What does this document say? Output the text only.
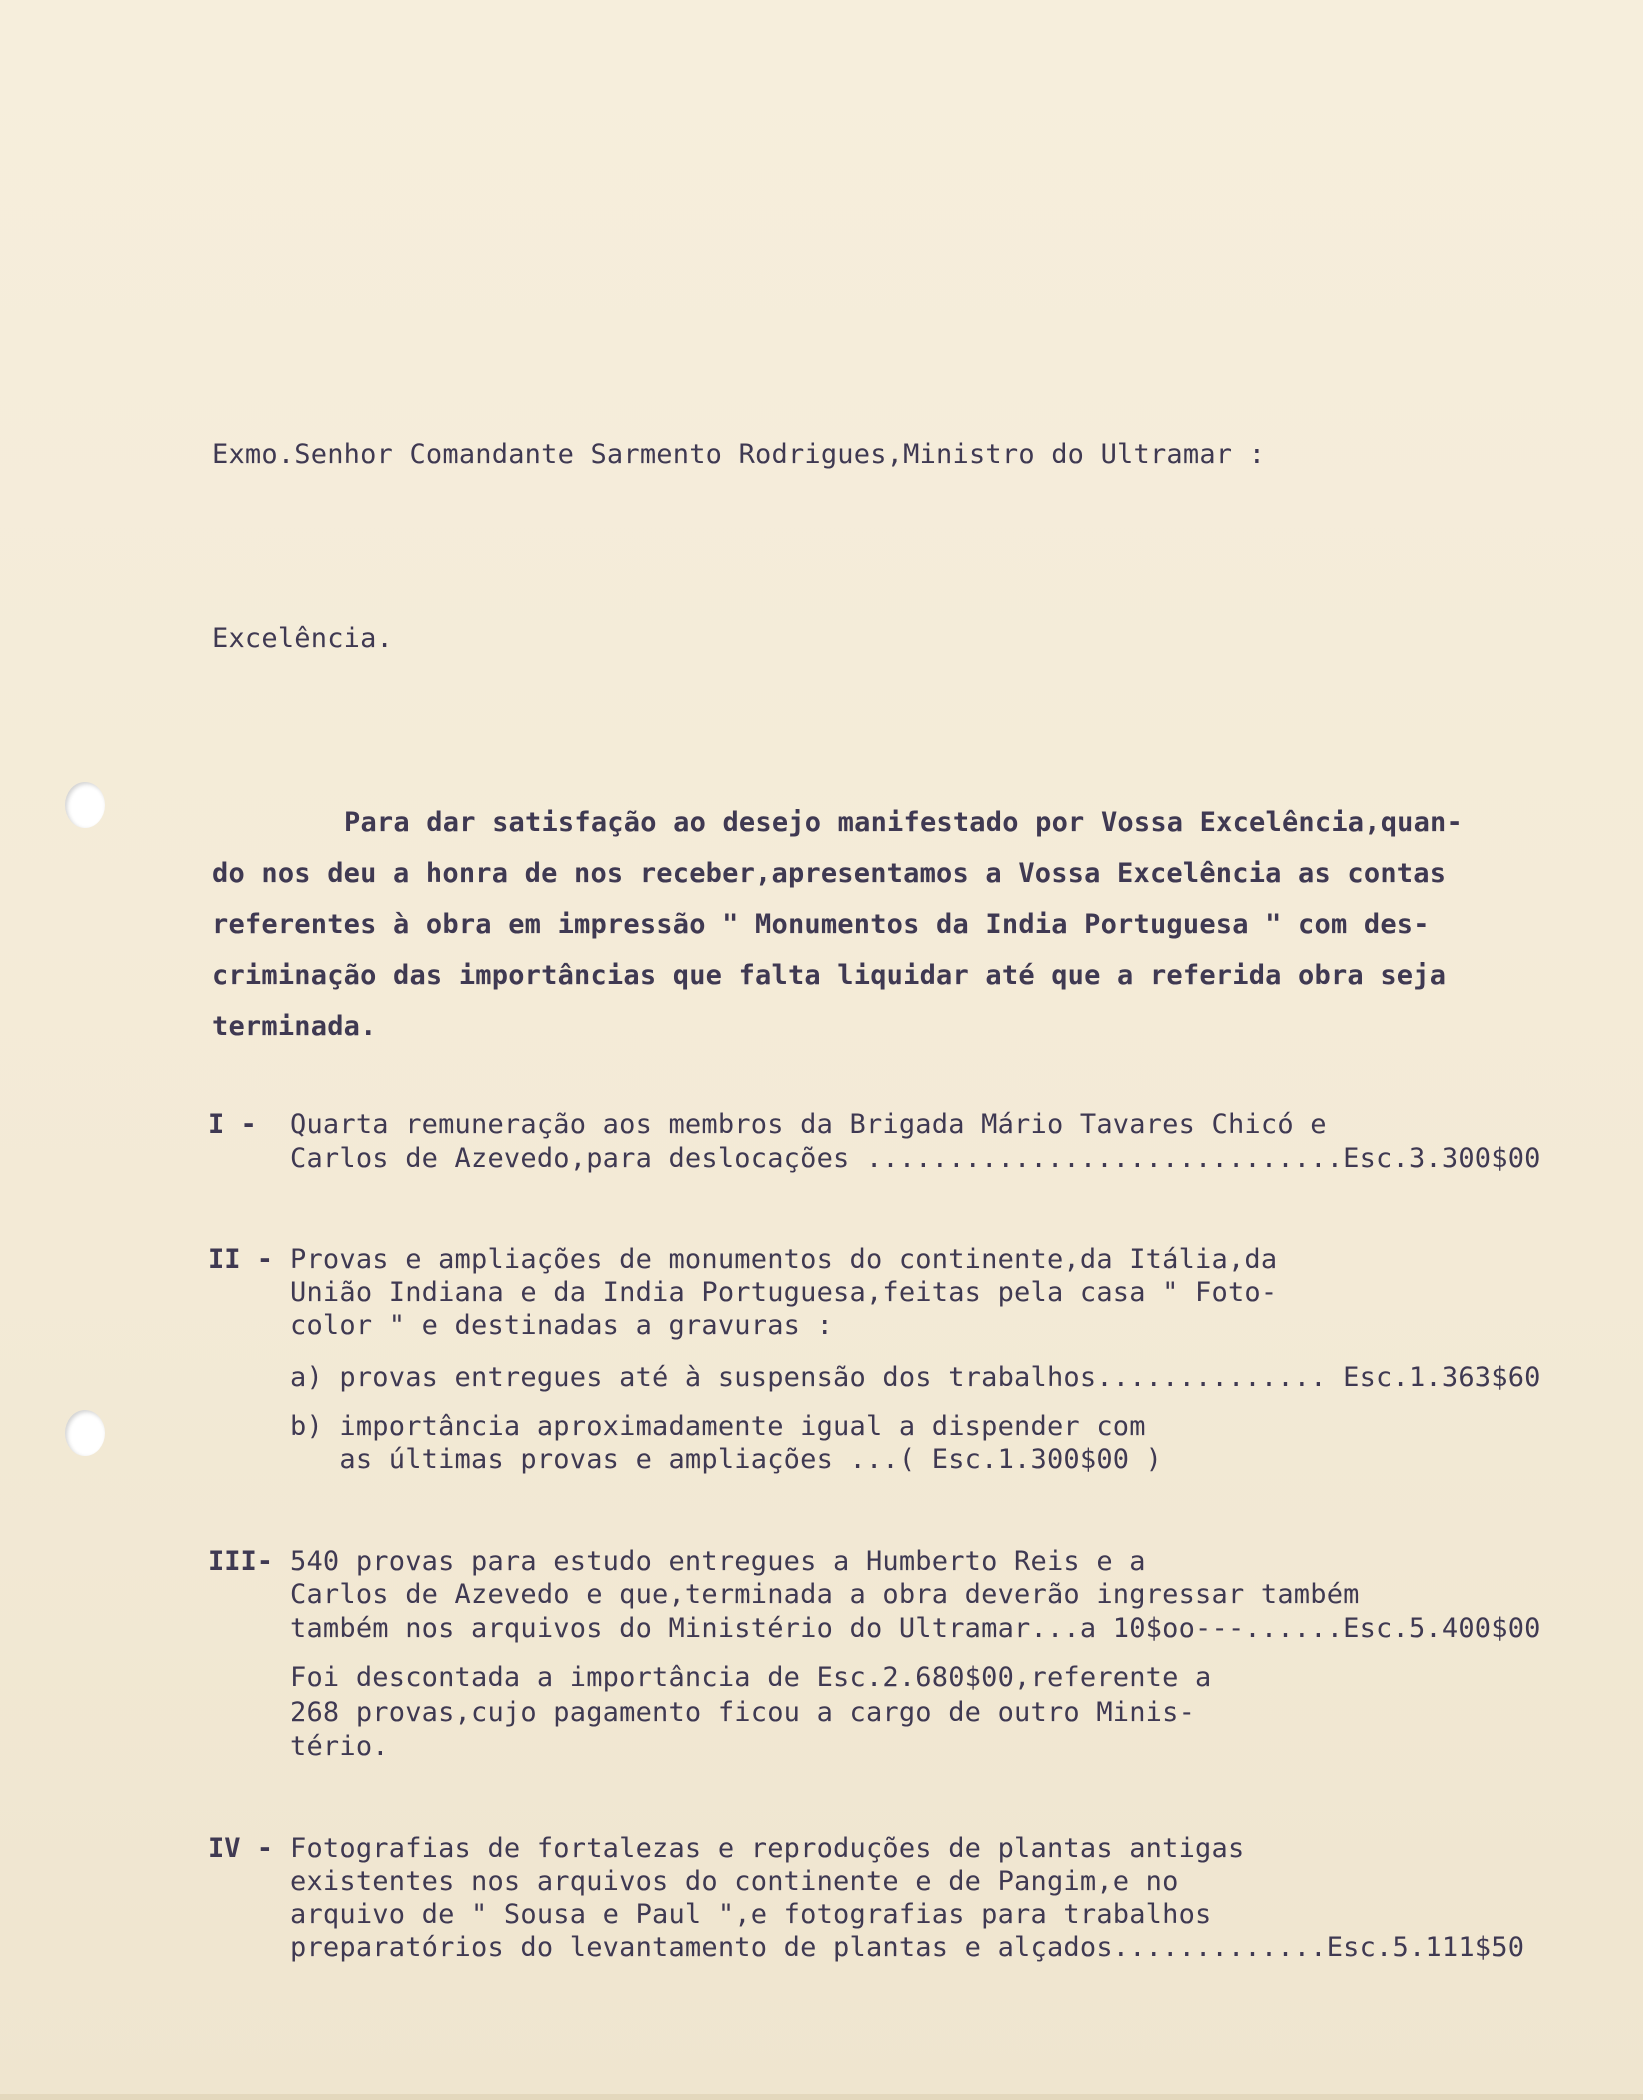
Exmo.Senhor Comandante Sarmento Rodrigues,Ministro do Ultramar :
Excelência.
Para dar satisfação ao desejo manifestado por Vossa Excelência,quan-
do nos deu a honra de nos receber,apresentamos a Vossa Excelência as contas
referentes à obra em impressão " Monumentos da India Portuguesa " com des-
criminação das importâncias que falta liquidar até que a referida obra seja
terminada.
I - Quarta remuneração aos membros da Brigada Mário Tavares Chicó e
Carlos de Azevedo,para deslocações .............................Esc.3.300$00
II - Provas e ampliações de monumentos do continente,da Itália,da
União Indiana e da India Portuguesa,feitas pela casa " Foto-
color " e destinadas a gravuras :
a) provas entregues até à suspensão dos trabalhos.............. Esc.1.363$60
b) importância aproximadamente igual a dispender com
as últimas provas e ampliações ...( Esc.1.300$00 )
III- 540 provas para estudo entregues a Humberto Reis e a
Carlos de Azevedo e que,terminada a obra deverão ingressar também
também nos arquivos do Ministério do Ultramar...a 10$oo---......Esc.5.400$00
Foi descontada a importância de Esc.2.680$00,referente a
268 provas,cujo pagamento ficou a cargo de outro Minis-
tério.
IV - Fotografias de fortalezas e reproduções de plantas antigas
existentes nos arquivos do continente e de Pangim,e no
arquivo de " Sousa e Paul ",e fotografias para trabalhos
preparatórios do levantamento de plantas e alçados.............Esc.5.111$50
